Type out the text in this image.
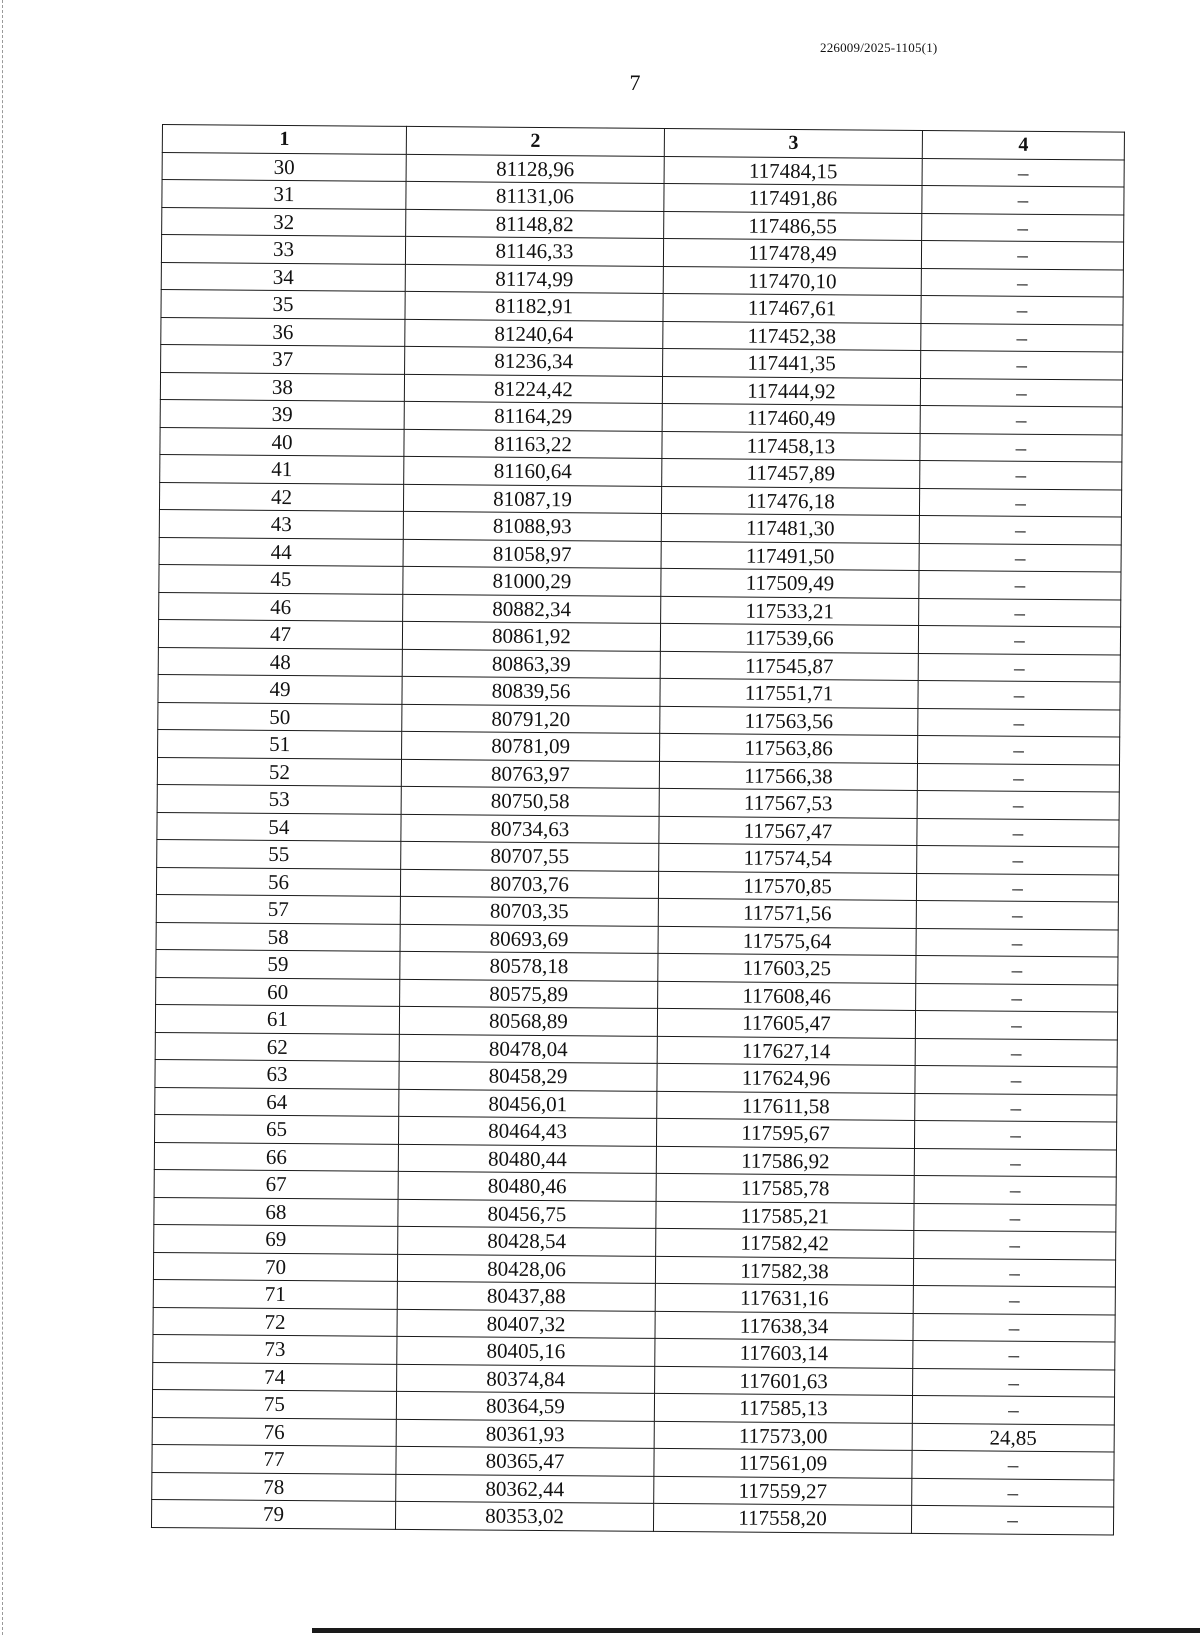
226009/2025-1105(1)
7
1	2	3	4
30	81128,96	117484,15	–
31	81131,06	117491,86	–
32	81148,82	117486,55	–
33	81146,33	117478,49	–
34	81174,99	117470,10	–
35	81182,91	117467,61	–
36	81240,64	117452,38	–
37	81236,34	117441,35	–
38	81224,42	117444,92	–
39	81164,29	117460,49	–
40	81163,22	117458,13	–
41	81160,64	117457,89	–
42	81087,19	117476,18	–
43	81088,93	117481,30	–
44	81058,97	117491,50	–
45	81000,29	117509,49	–
46	80882,34	117533,21	–
47	80861,92	117539,66	–
48	80863,39	117545,87	–
49	80839,56	117551,71	–
50	80791,20	117563,56	–
51	80781,09	117563,86	–
52	80763,97	117566,38	–
53	80750,58	117567,53	–
54	80734,63	117567,47	–
55	80707,55	117574,54	–
56	80703,76	117570,85	–
57	80703,35	117571,56	–
58	80693,69	117575,64	–
59	80578,18	117603,25	–
60	80575,89	117608,46	–
61	80568,89	117605,47	–
62	80478,04	117627,14	–
63	80458,29	117624,96	–
64	80456,01	117611,58	–
65	80464,43	117595,67	–
66	80480,44	117586,92	–
67	80480,46	117585,78	–
68	80456,75	117585,21	–
69	80428,54	117582,42	–
70	80428,06	117582,38	–
71	80437,88	117631,16	–
72	80407,32	117638,34	–
73	80405,16	117603,14	–
74	80374,84	117601,63	–
75	80364,59	117585,13	–
76	80361,93	117573,00	24,85
77	80365,47	117561,09	–
78	80362,44	117559,27	–
79	80353,02	117558,20	–
